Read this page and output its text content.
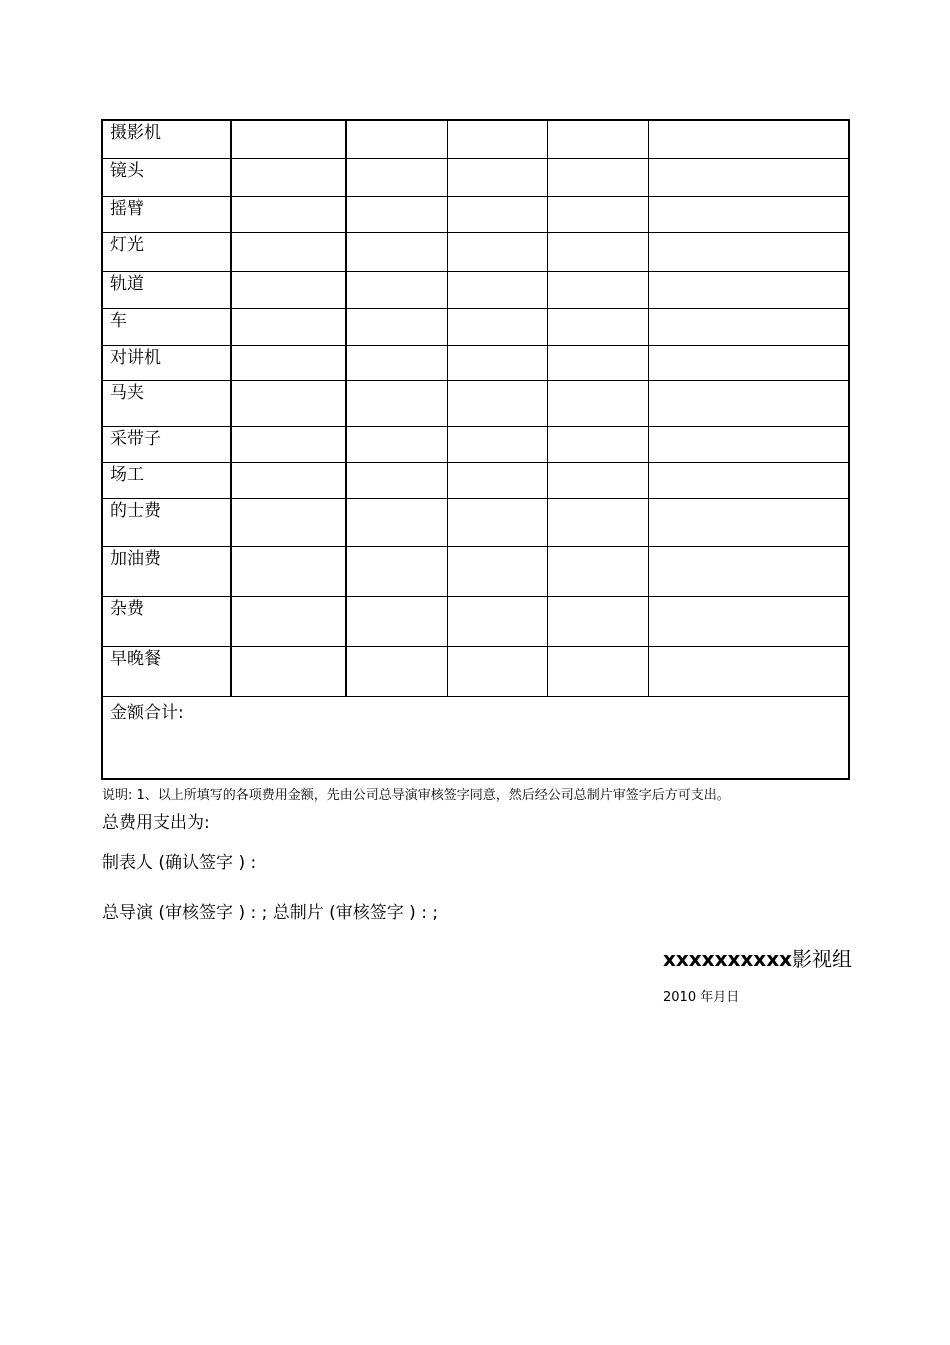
摄影机					
镜头					
摇臂					
灯光					
轨道					
车					
对讲机					
马夹					
采带子					
场工					
的士费					
加油费					
杂费					
早晚餐					
金额合计:					
说明: 1、以上所填写的各项费用金额，先由公司总导演审核签字同意，然后经公司总制片审签字后方可支出。
总费用支出为:
制表人 (确认签字 ) :
总导演 (审核签字 ) : ; 总制片 (审核签字 ) : ;
xxxxxxxxxx影视组
2010 年月日
